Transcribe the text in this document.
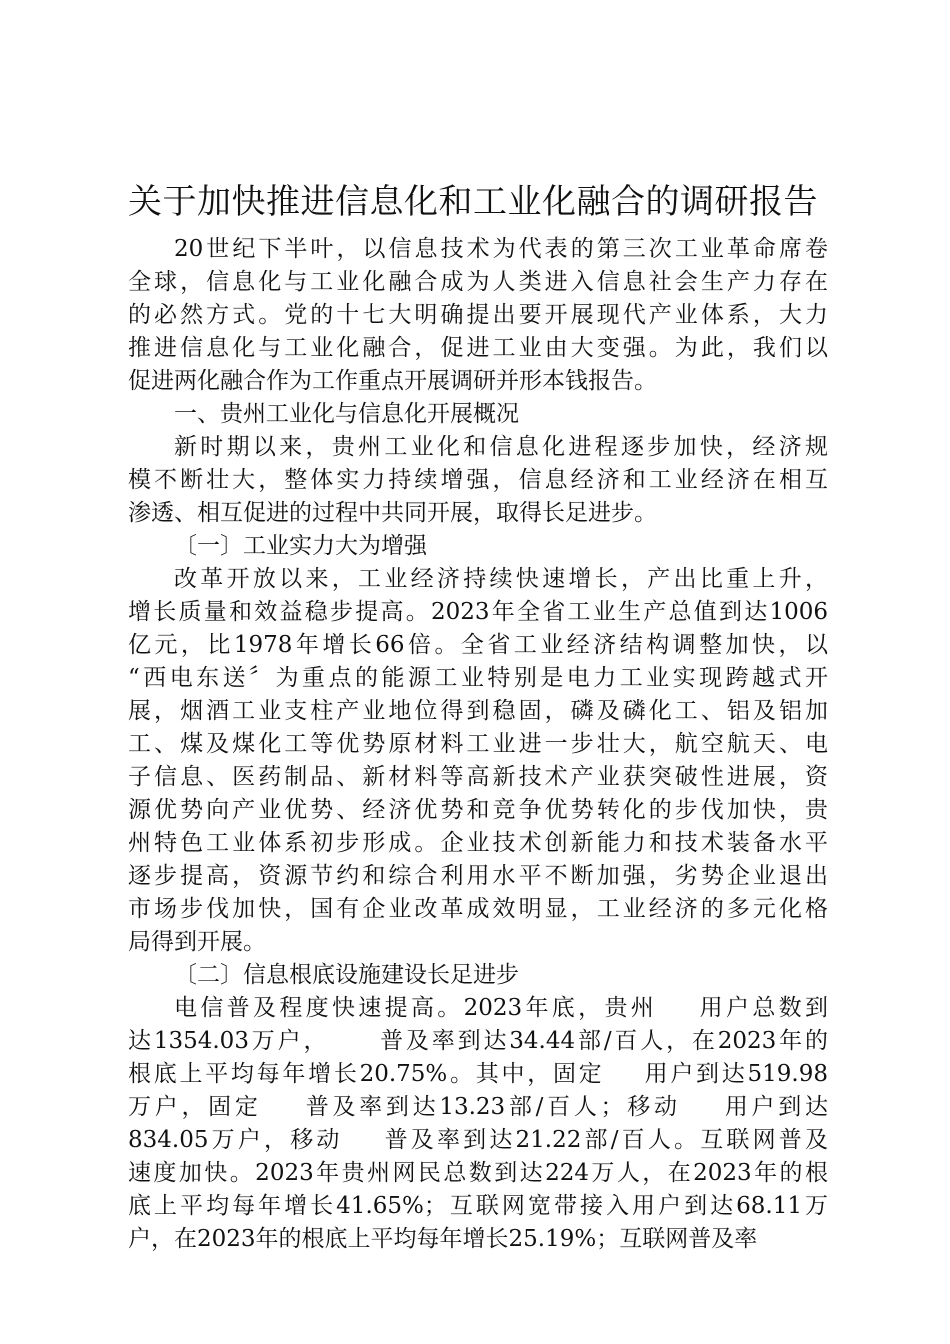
关于加快推进信息化和工业化融合的调研报告
20世纪下半叶，以信息技术为代表的第三次工业革命席卷
全球，信息化与工业化融合成为人类进入信息社会生产力存在
的必然方式。党的十七大明确提出要开展现代产业体系，大力
推进信息化与工业化融合，促进工业由大变强。为此，我们以
促进两化融合作为工作重点开展调研并形本钱报告。
一、贵州工业化与信息化开展概况
新时期以来，贵州工业化和信息化进程逐步加快，经济规
模不断壮大，整体实力持续增强，信息经济和工业经济在相互
渗透、相互促进的过程中共同开展，取得长足进步。
〔一〕工业实力大为增强
改革开放以来，工业经济持续快速增长，产出比重上升，
增长质量和效益稳步提高。2023年全省工业生产总值到达1006
亿元，比1978年增长66倍。全省工业经济结构调整加快，以
“西电东送〞为重点的能源工业特别是电力工业实现跨越式开
展，烟酒工业支柱产业地位得到稳固，磷及磷化工、铝及铝加
工、煤及煤化工等优势原材料工业进一步壮大，航空航天、电
子信息、医药制品、新材料等高新技术产业获突破性进展，资
源优势向产业优势、经济优势和竞争优势转化的步伐加快，贵
州特色工业体系初步形成。企业技术创新能力和技术装备水平
逐步提高，资源节约和综合利用水平不断加强，劣势企业退出
市场步伐加快，国有企业改革成效明显，工业经济的多元化格
局得到开展。
〔二〕信息根底设施建设长足进步
电信普及程度快速提高。2023年底，贵州    用户总数到
达1354.03万户，     普及率到达34.44部/百人，在2023年的
根底上平均每年增长20.75%。其中，固定    用户到达519.98
万户，固定    普及率到达13.23部/百人；移动    用户到达
834.05万户，移动    普及率到达21.22部/百人。互联网普及
速度加快。2023年贵州网民总数到达224万人，在2023年的根
底上平均每年增长41.65%；互联网宽带接入用户到达68.11万
户，在2023年的根底上平均每年增长25.19%；互联网普及率
